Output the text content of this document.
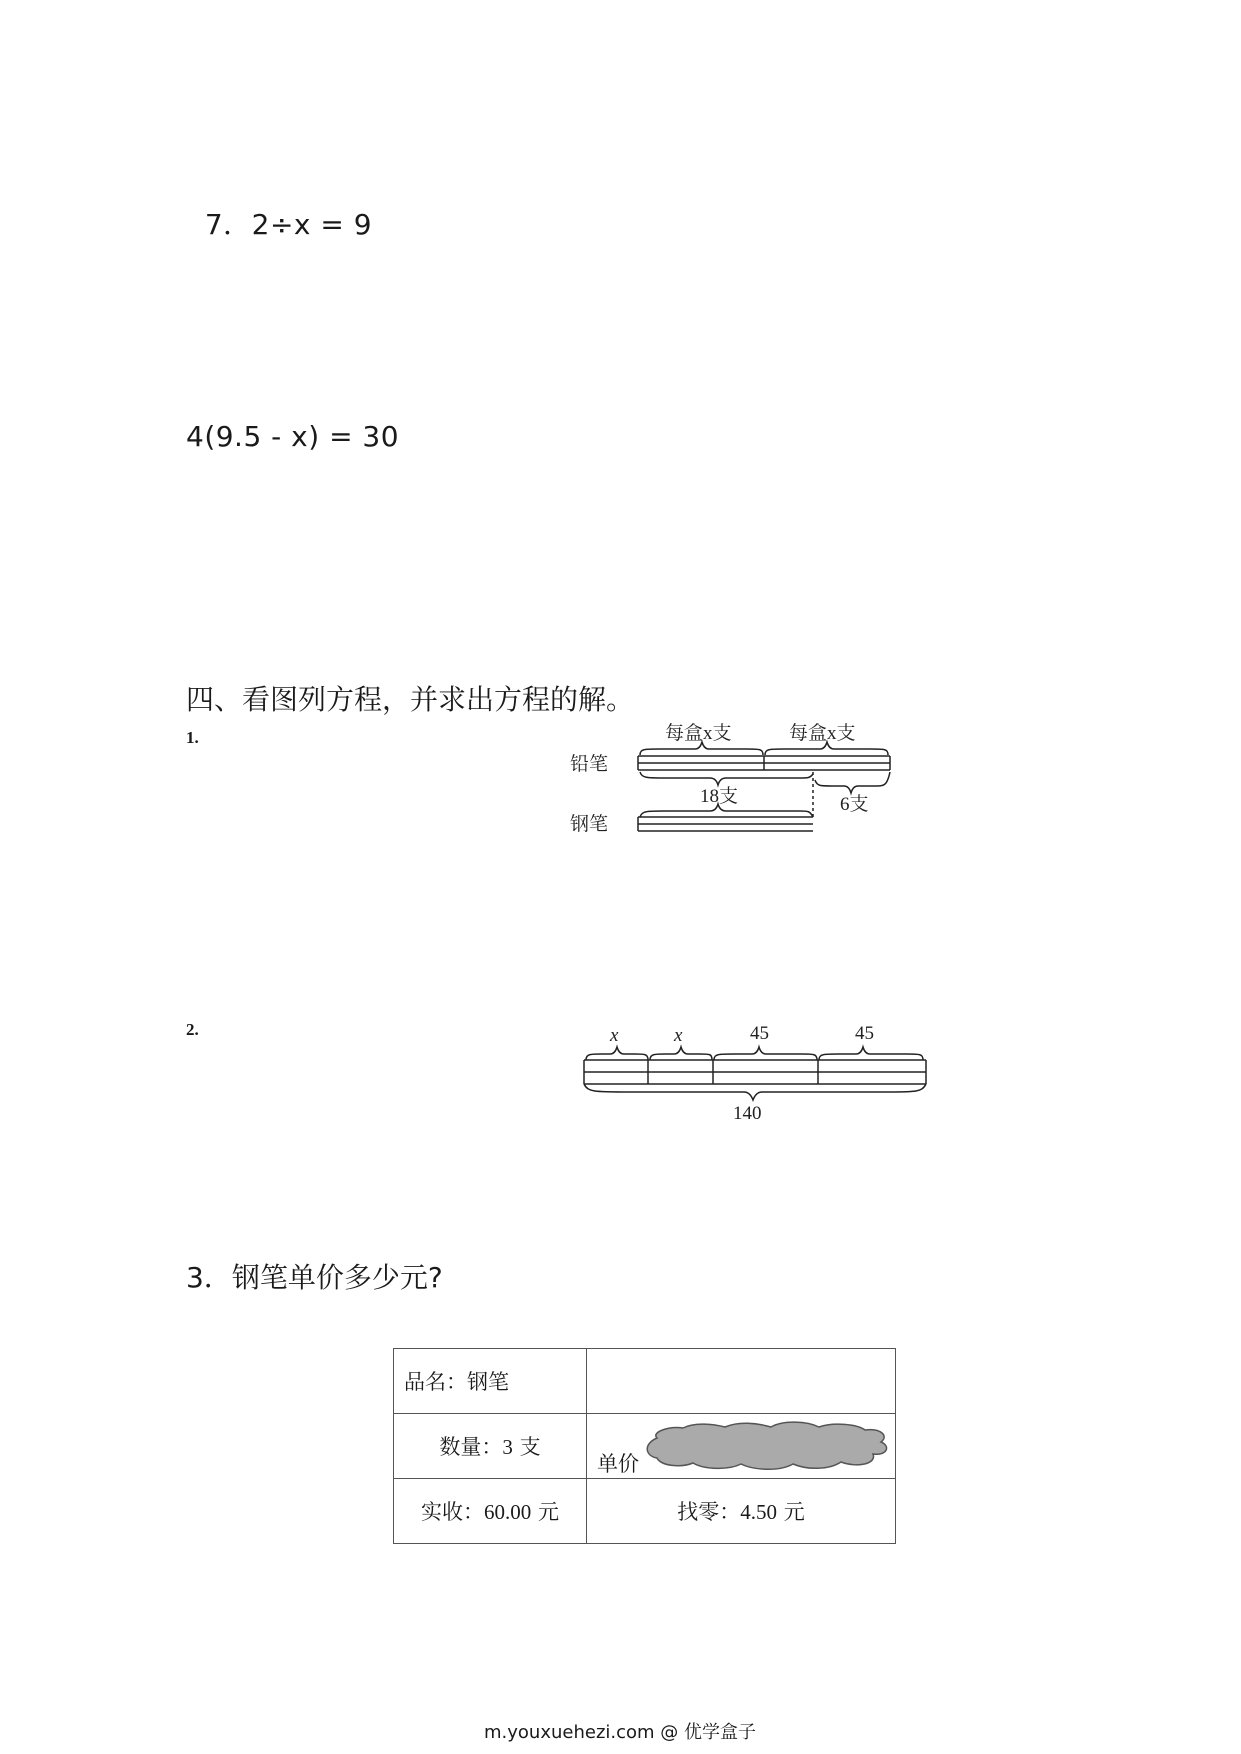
7．2÷x = 9

4(9.5 - x) = 30
四、看图列方程，并求出方程的解。
1.
铅笔
钢笔
每盒x支	每盒x支
18支	6支
2.	x	x	45	45
140
3．钢笔单价多少元?
品名：钢笔	
数量：3 支	单价

实收：60.00 元	找零：4.50 元
m.youxuehezi.com @ 优学盒子
